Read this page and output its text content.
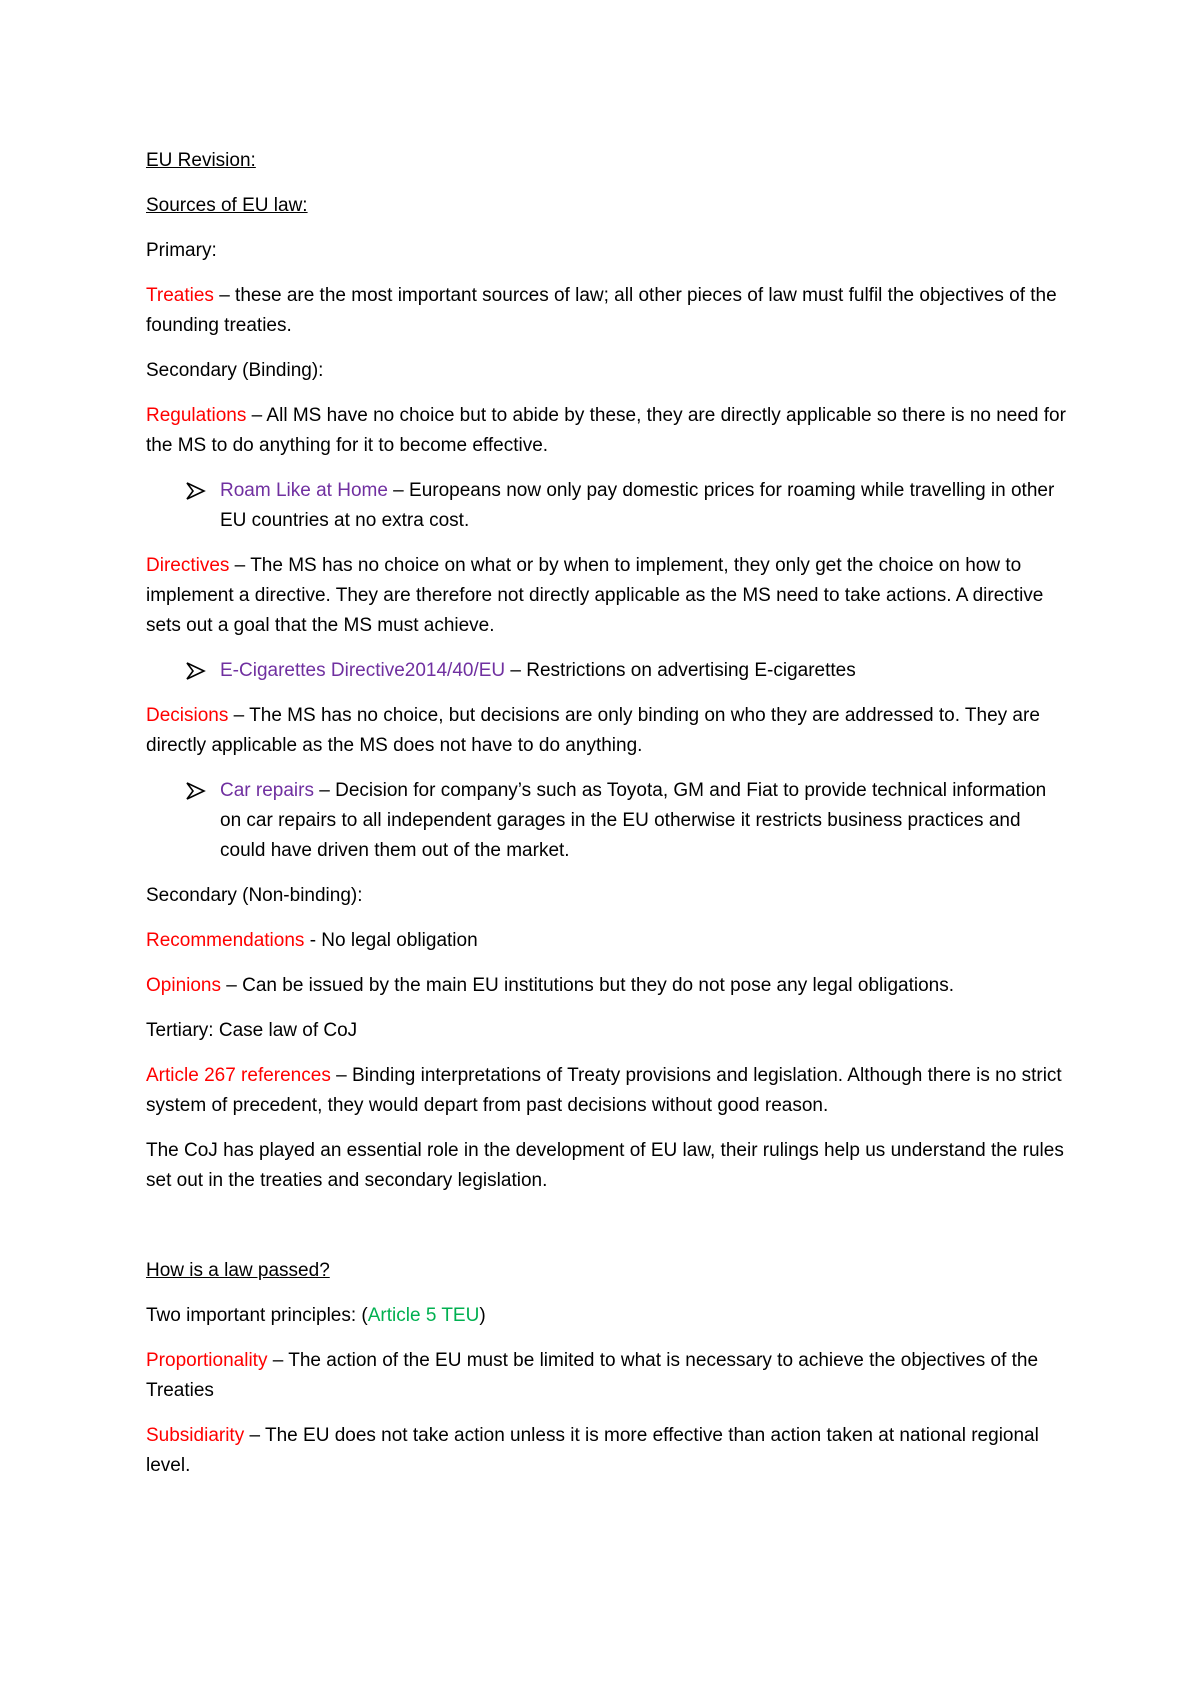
EU Revision:

Sources of EU law:

Primary:

Treaties – these are the most important sources of law; all other pieces of law must fulfil the objectives of the founding treaties.

Secondary (Binding):

Regulations – All MS have no choice but to abide by these, they are directly applicable so there is no need for the MS to do anything for it to become effective.

Roam Like at Home – Europeans now only pay domestic prices for roaming while travelling in other EU countries at no extra cost.

Directives – The MS has no choice on what or by when to implement, they only get the choice on how to implement a directive. They are therefore not directly applicable as the MS need to take actions. A directive sets out a goal that the MS must achieve.

E-Cigarettes Directive2014/40/EU – Restrictions on advertising E-cigarettes

Decisions – The MS has no choice, but decisions are only binding on who they are addressed to. They are directly applicable as the MS does not have to do anything.

Car repairs – Decision for company’s such as Toyota, GM and Fiat to provide technical information on car repairs to all independent garages in the EU otherwise it restricts business practices and could have driven them out of the market.

Secondary (Non-binding):

Recommendations - No legal obligation

Opinions – Can be issued by the main EU institutions but they do not pose any legal obligations.

Tertiary: Case law of CoJ

Article 267 references – Binding interpretations of Treaty provisions and legislation. Although there is no strict system of precedent, they would depart from past decisions without good reason.

The CoJ has played an essential role in the development of EU law, their rulings help us understand the rules set out in the treaties and secondary legislation.

How is a law passed?

Two important principles: (Article 5 TEU)

Proportionality – The action of the EU must be limited to what is necessary to achieve the objectives of the Treaties

Subsidiarity – The EU does not take action unless it is more effective than action taken at national regional level.
